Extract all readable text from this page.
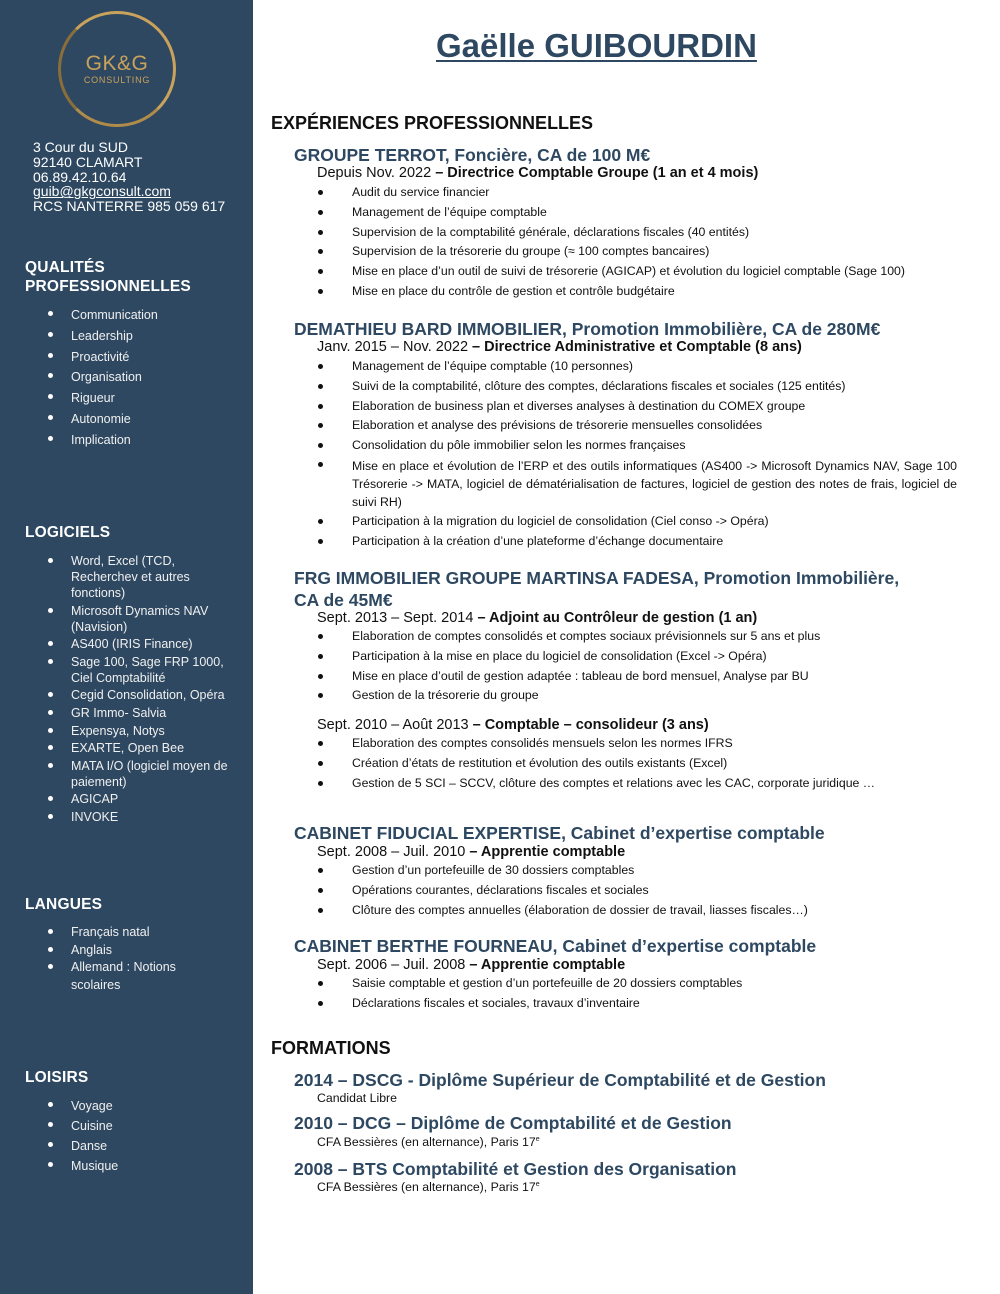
GK&G
CONSULTING
3 Cour du SUD
92140 CLAMART
06.89.42.10.64
guib@gkgconsult.com
RCS NANTERRE 985 059 617
QUALITÉS
PROFESSIONNELLES
Communication
Leadership
Proactivité
Organisation
Rigueur
Autonomie
Implication
LOGICIELS
Word, Excel (TCD, Recherchev et autres fonctions)
Microsoft Dynamics NAV (Navision)
AS400 (IRIS Finance)
Sage 100, Sage FRP 1000, Ciel Comptabilité
Cegid Consolidation, Opéra
GR Immo- Salvia
Expensya, Notys
EXARTE, Open Bee
MATA I/O (logiciel moyen de paiement)
AGICAP
INVOKE
LANGUES
Français natal
Anglais
Allemand : Notions scolaires
LOISIRS
Voyage
Cuisine
Danse
Musique
Gaëlle GUIBOURDIN
EXPÉRIENCES PROFESSIONNELLES
GROUPE TERROT, Foncière, CA de 100 M€
Depuis Nov. 2022 – Directrice Comptable Groupe (1 an et 4 mois)
Audit du service financier
Management de l’équipe comptable
Supervision de la comptabilité générale, déclarations fiscales (40 entités)
Supervision de la trésorerie du groupe (≈ 100 comptes bancaires)
Mise en place d’un outil de suivi de trésorerie (AGICAP) et évolution du logiciel comptable (Sage 100)
Mise en place du contrôle de gestion et contrôle budgétaire
DEMATHIEU BARD IMMOBILIER, Promotion Immobilière, CA de 280M€
Janv. 2015 – Nov. 2022 – Directrice Administrative et Comptable (8 ans)
Management de l’équipe comptable (10 personnes)
Suivi de la comptabilité, clôture des comptes, déclarations fiscales et sociales (125 entités)
Elaboration de business plan et diverses analyses à destination du COMEX groupe
Elaboration et analyse des prévisions de trésorerie mensuelles consolidées
Consolidation du pôle immobilier selon les normes françaises
Mise en place et évolution de l’ERP et des outils informatiques (AS400 -> Microsoft Dynamics NAV, Sage 100 Trésorerie -> MATA, logiciel de dématérialisation de factures, logiciel de gestion des notes de frais, logiciel de suivi RH)
Participation à la migration du logiciel de consolidation (Ciel conso -> Opéra)
Participation à la création d’une plateforme d’échange documentaire
FRG IMMOBILIER GROUPE MARTINSA FADESA, Promotion Immobilière,
CA de 45M€
Sept. 2013 – Sept. 2014 – Adjoint au Contrôleur de gestion (1 an)
Elaboration de comptes consolidés et comptes sociaux prévisionnels sur 5 ans et plus
Participation à la mise en place du logiciel de consolidation (Excel -> Opéra)
Mise en place d’outil de gestion adaptée : tableau de bord mensuel, Analyse par BU
Gestion de la trésorerie du groupe
Sept. 2010 – Août 2013 – Comptable – consolideur (3 ans)
Elaboration des comptes consolidés mensuels selon les normes IFRS
Création d’états de restitution et évolution des outils existants (Excel)
Gestion de 5 SCI – SCCV, clôture des comptes et relations avec les CAC, corporate juridique …
CABINET FIDUCIAL EXPERTISE, Cabinet d’expertise comptable
Sept. 2008 – Juil. 2010 – Apprentie comptable
Gestion d’un portefeuille de 30 dossiers comptables
Opérations courantes, déclarations fiscales et sociales
Clôture des comptes annuelles (élaboration de dossier de travail, liasses fiscales…)
CABINET BERTHE FOURNEAU, Cabinet d’expertise comptable
Sept. 2006 – Juil. 2008 – Apprentie comptable
Saisie comptable et gestion d’un portefeuille de 20 dossiers comptables
Déclarations fiscales et sociales, travaux d’inventaire
FORMATIONS
2014 – DSCG - Diplôme Supérieur de Comptabilité et de Gestion
Candidat Libre
2010 – DCG – Diplôme de Comptabilité et de Gestion
CFA Bessières (en alternance), Paris 17e
2008 – BTS Comptabilité et Gestion des Organisation
CFA Bessières (en alternance), Paris 17e
